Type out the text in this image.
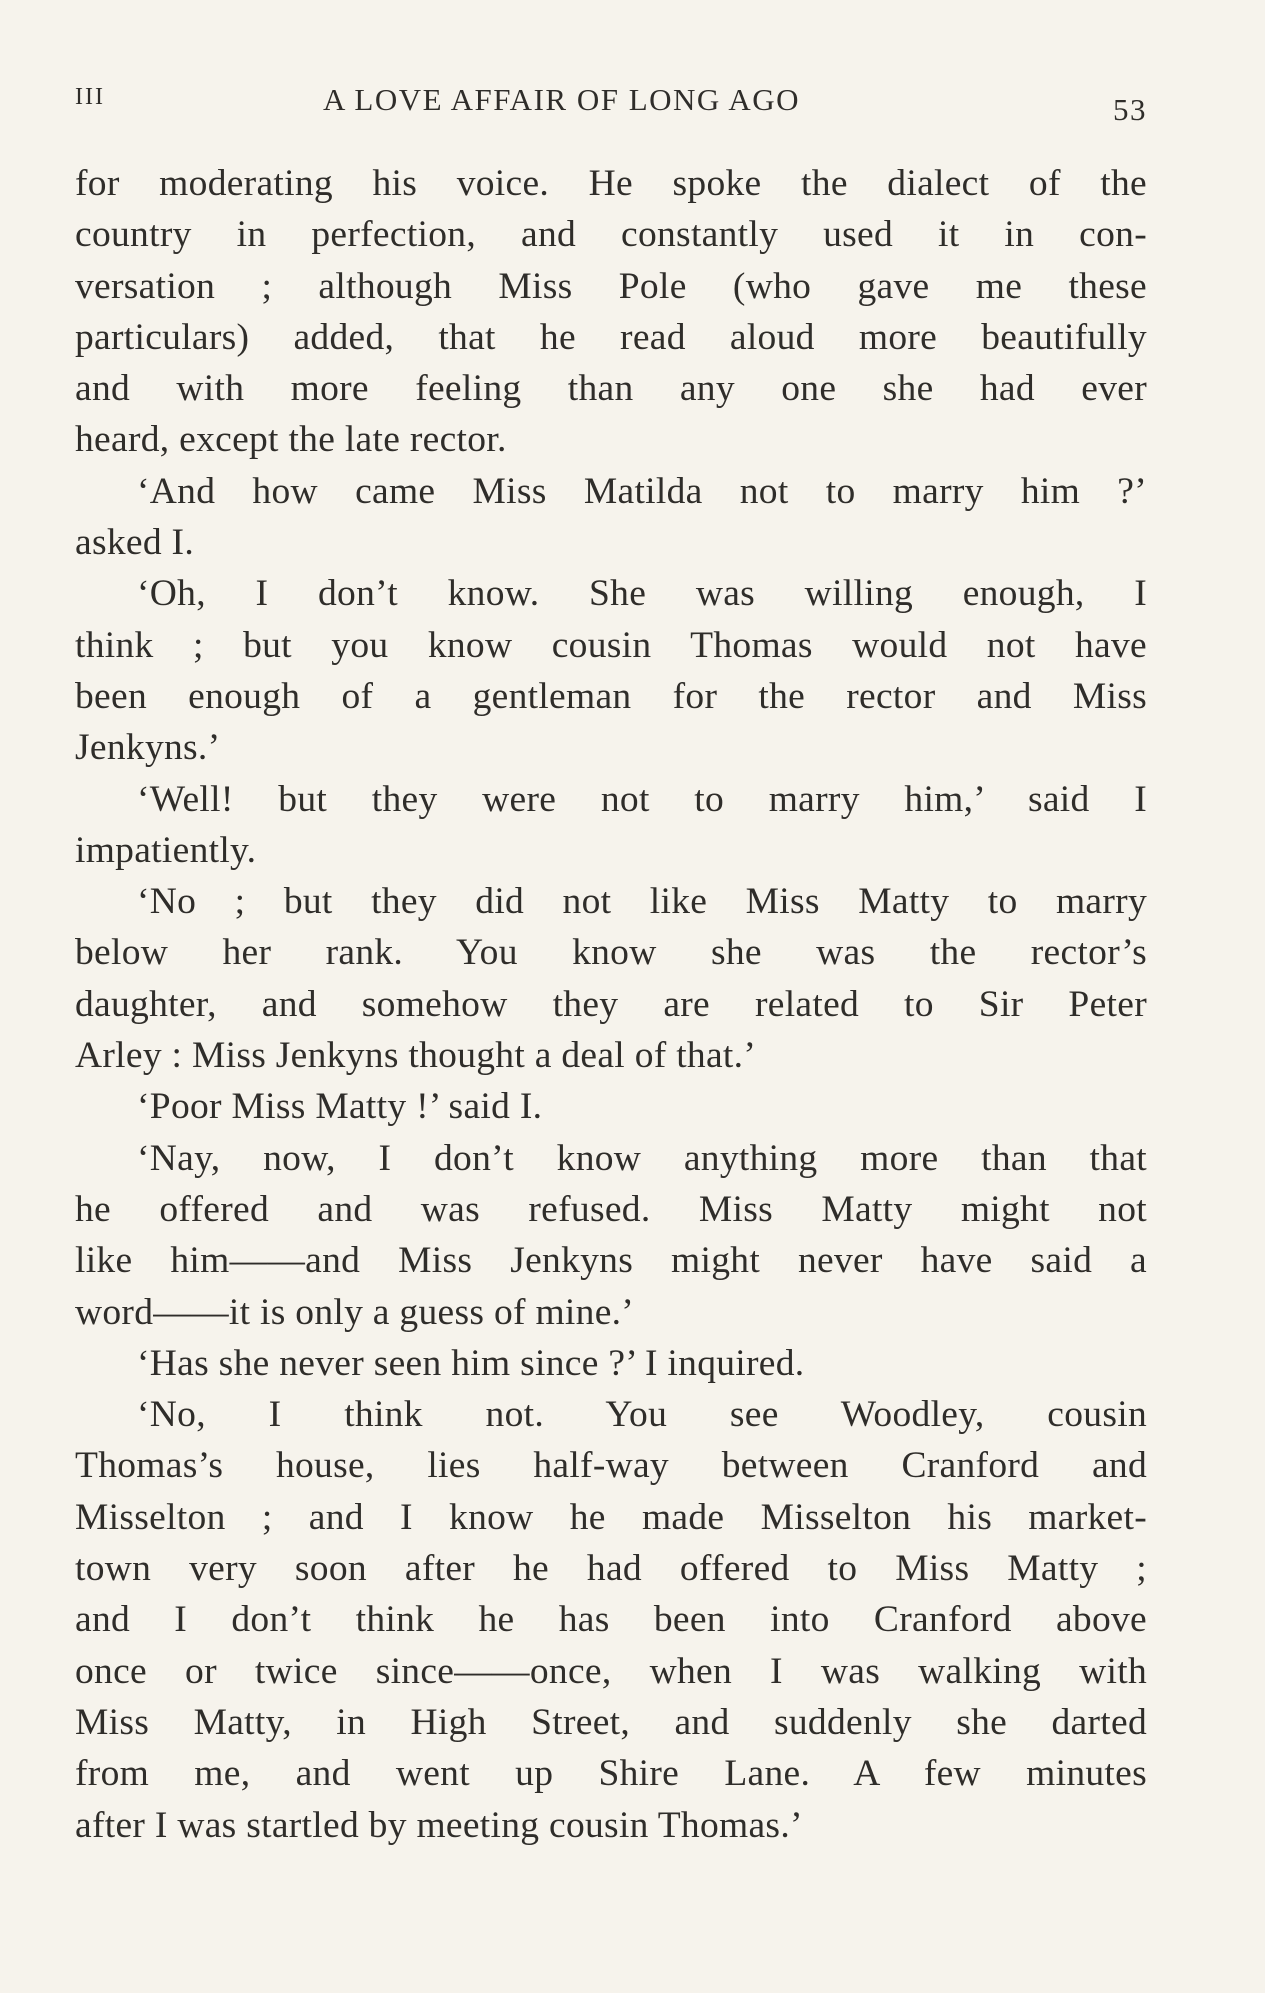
III	A LOVE AFFAIR OF LONG AGO	53
for moderating his voice. He spoke the dialect of the
country in perfection, and constantly used it in con-
versation ; although Miss Pole (who gave me these
particulars) added, that he read aloud more beautifully
and with more feeling than any one she had ever
heard, except the late rector.
‘And how came Miss Matilda not to marry him ?’
asked I.
‘Oh, I don’t know. She was willing enough, I
think ; but you know cousin Thomas would not have
been enough of a gentleman for the rector and Miss
Jenkyns.’
‘Well! but they were not to marry him,’ said I
impatiently.
‘No ; but they did not like Miss Matty to marry
below her rank. You know she was the rector’s
daughter, and somehow they are related to Sir Peter
Arley : Miss Jenkyns thought a deal of that.’
‘Poor Miss Matty !’ said I.
‘Nay, now, I don’t know anything more than that
he offered and was refused. Miss Matty might not
like him——and Miss Jenkyns might never have said a
word——it is only a guess of mine.’
‘Has she never seen him since ?’ I inquired.
‘No, I think not. You see Woodley, cousin
Thomas’s house, lies half-way between Cranford and
Misselton ; and I know he made Misselton his market-
town very soon after he had offered to Miss Matty ;
and I don’t think he has been into Cranford above
once or twice since——once, when I was walking with
Miss Matty, in High Street, and suddenly she darted
from me, and went up Shire Lane. A few minutes
after I was startled by meeting cousin Thomas.’
